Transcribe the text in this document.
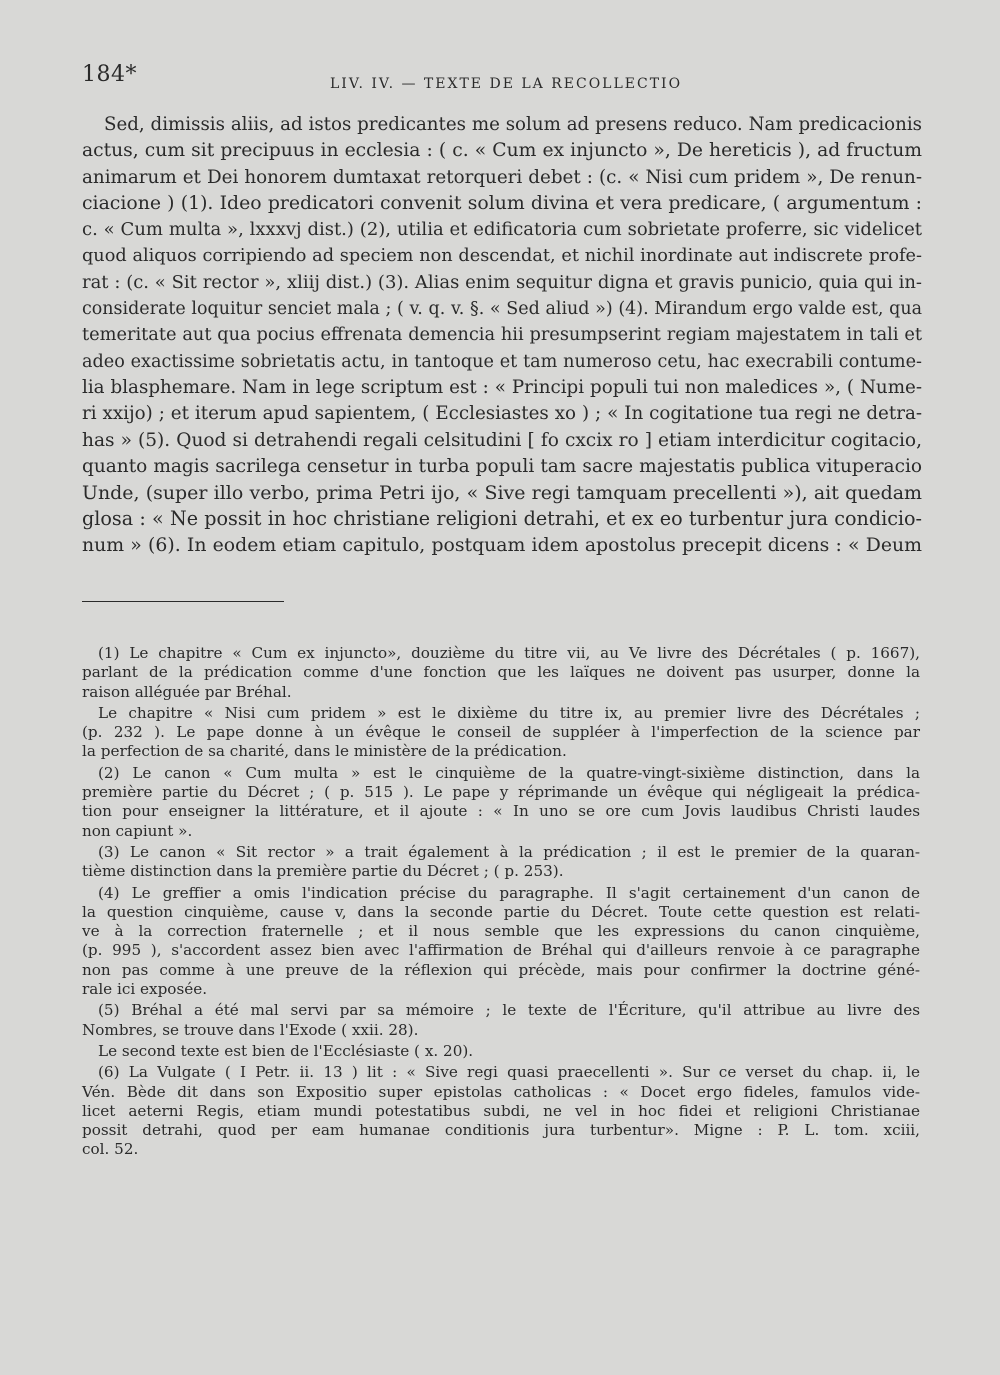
184*	LIV. IV. — TEXTE DE LA RECOLLECTIO
Sed, dimissis aliis, ad istos predicantes me solum ad presens reduco. Nam predicacionis
actus, cum sit precipuus in ecclesia : ( c. « Cum ex injuncto », De hereticis ), ad fructum
animarum et Dei honorem dumtaxat retorqueri debet : (c. « Nisi cum pridem », De renun-
ciacione ) (1). Ideo predicatori convenit solum divina et vera predicare, ( argumentum :
c. « Cum multa », lxxxvj dist.) (2), utilia et edificatoria cum sobrietate proferre, sic videlicet
quod aliquos corripiendo ad speciem non descendat, et nichil inordinate aut indiscrete profe-
rat : (c. « Sit rector », xliij dist.) (3). Alias enim sequitur digna et gravis punicio, quia qui in-
considerate loquitur senciet mala ; ( v. q. v. §. « Sed aliud ») (4). Mirandum ergo valde est, qua
temeritate aut qua pocius effrenata demencia hii presumpserint regiam majestatem in tali et
adeo exactissime sobrietatis actu, in tantoque et tam numeroso cetu, hac execrabili contume-
lia blasphemare. Nam in lege scriptum est : « Principi populi tui non maledices », ( Nume-
ri xxijo) ; et iterum apud sapientem, ( Ecclesiastes xo ) ; « In cogitatione tua regi ne detra-
has » (5). Quod si detrahendi regali celsitudini [ fo cxcix ro ] etiam interdicitur cogitacio,
quanto magis sacrilega censetur in turba populi tam sacre majestatis publica vituperacio
Unde, (super illo verbo, prima Petri ijo, « Sive regi tamquam precellenti »), ait quedam
glosa : « Ne possit in hoc christiane religioni detrahi, et ex eo turbentur jura condicio-
num » (6). In eodem etiam capitulo, postquam idem apostolus precepit dicens : « Deum
(1) Le chapitre « Cum ex injuncto», douzième du titre vii, au Ve livre des Décrétales ( p. 1667),
parlant de la prédication comme d'une fonction que les laïques ne doivent pas usurper, donne la
raison alléguée par Bréhal.
Le chapitre « Nisi cum pridem » est le dixième du titre ix, au premier livre des Décrétales ;
(p. 232 ). Le pape donne à un évêque le conseil de suppléer à l'imperfection de la science par
la perfection de sa charité, dans le ministère de la prédication.
(2) Le canon « Cum multa » est le cinquième de la quatre-vingt-sixième distinction, dans la
première partie du Décret ; ( p. 515 ). Le pape y réprimande un évêque qui négligeait la prédica-
tion pour enseigner la littérature, et il ajoute : « In uno se ore cum Jovis laudibus Christi laudes
non capiunt ».
(3) Le canon « Sit rector » a trait également à la prédication ; il est le premier de la quaran-
tième distinction dans la première partie du Décret ; ( p. 253).
(4) Le greffier a omis l'indication précise du paragraphe. Il s'agit certainement d'un canon de
la question cinquième, cause v, dans la seconde partie du Décret. Toute cette question est relati-
ve à la correction fraternelle ; et il nous semble que les expressions du canon cinquième,
(p. 995 ), s'accordent assez bien avec l'affirmation de Bréhal qui d'ailleurs renvoie à ce paragraphe
non pas comme à une preuve de la réflexion qui précède, mais pour confirmer la doctrine géné-
rale ici exposée.
(5) Bréhal a été mal servi par sa mémoire ; le texte de l'Écriture, qu'il attribue au livre des
Nombres, se trouve dans l'Exode ( xxii. 28).
Le second texte est bien de l'Ecclésiaste ( x. 20).
(6) La Vulgate ( I Petr. ii. 13 ) lit : « Sive regi quasi praecellenti ». Sur ce verset du chap. ii, le
Vén. Bède dit dans son Expositio super epistolas catholicas : « Docet ergo fideles, famulos vide-
licet aeterni Regis, etiam mundi potestatibus subdi, ne vel in hoc fidei et religioni Christianae
possit detrahi, quod per eam humanae conditionis jura turbentur». Migne : P. L. tom. xciii,
col. 52.
